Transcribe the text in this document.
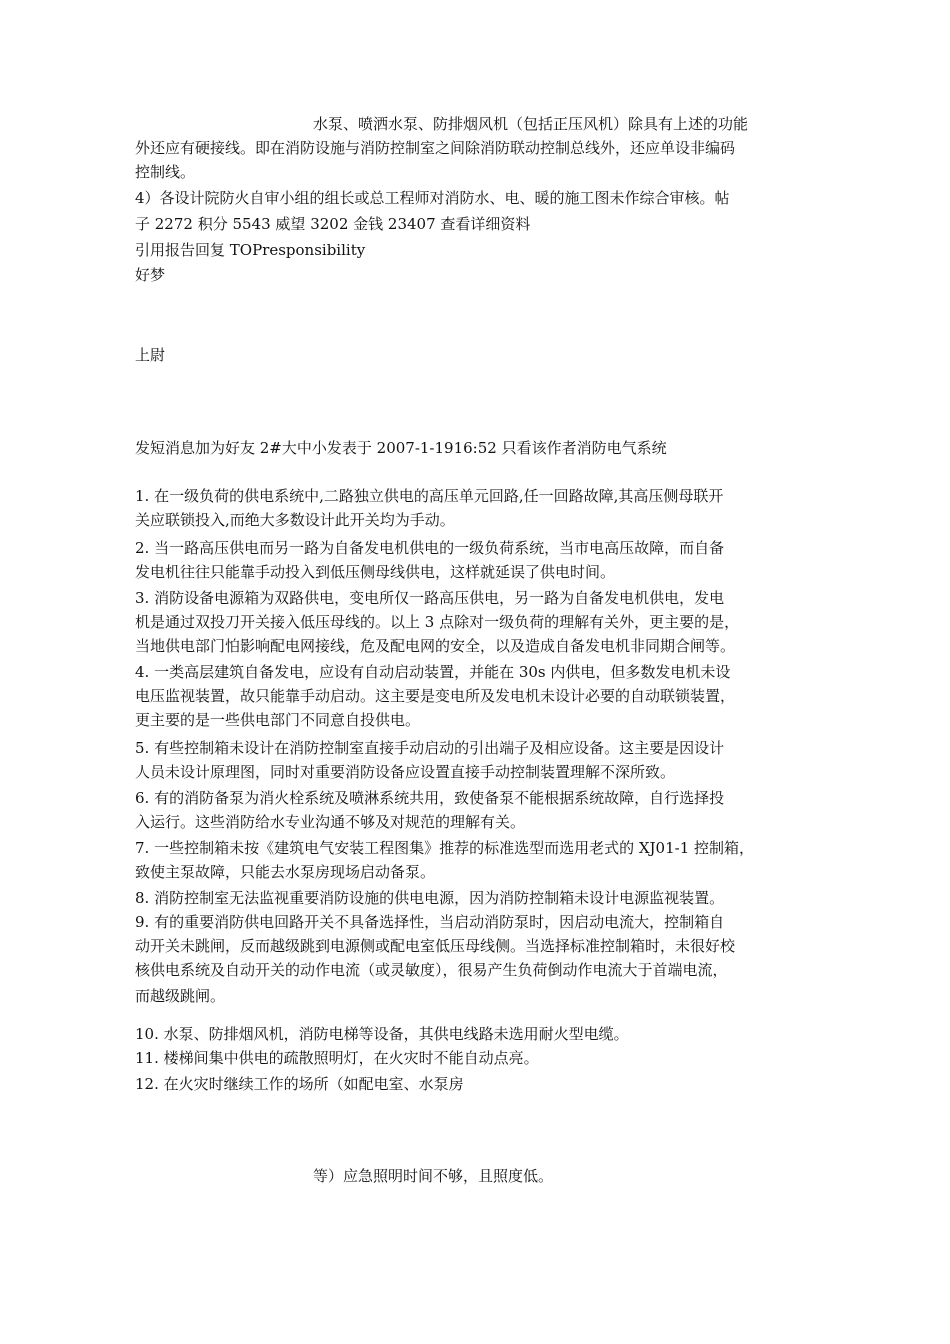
水泵、喷洒水泵、防排烟风机（包括正压风机）除具有上述的功能
外还应有硬接线。即在消防设施与消防控制室之间除消防联动控制总线外，还应单设非编码
控制线。
4）各设计院防火自审小组的组长或总工程师对消防水、电、暖的施工图未作综合审核。帖
子 2272 积分 5543 威望 3202 金钱 23407 查看详细资料
引用报告回复 TOPresponsibility
好梦
上尉
发短消息加为好友 2#大中小发表于 2007-1-1916:52 只看该作者消防电气系统
1. 在一级负荷的供电系统中,二路独立供电的高压单元回路,任一回路故障,其高压侧母联开
关应联锁投入,而绝大多数设计此开关均为手动。
2. 当一路高压供电而另一路为自备发电机供电的一级负荷系统，当市电高压故障，而自备
发电机往往只能靠手动投入到低压侧母线供电，这样就延误了供电时间。
3. 消防设备电源箱为双路供电，变电所仅一路高压供电，另一路为自备发电机供电，发电
机是通过双投刀开关接入低压母线的。以上 3 点除对一级负荷的理解有关外，更主要的是，
当地供电部门怕影响配电网接线，危及配电网的安全，以及造成自备发电机非同期合闸等。
4. 一类高层建筑自备发电，应设有自动启动装置，并能在 30s 内供电，但多数发电机未设
电压监视装置，故只能靠手动启动。这主要是变电所及发电机未设计必要的自动联锁装置，
更主要的是一些供电部门不同意自投供电。
5. 有些控制箱未设计在消防控制室直接手动启动的引出端子及相应设备。这主要是因设计
人员未设计原理图，同时对重要消防设备应设置直接手动控制装置理解不深所致。
6. 有的消防备泵为消火栓系统及喷淋系统共用，致使备泵不能根据系统故障，自行选择投
入运行。这些消防给水专业沟通不够及对规范的理解有关。
7. 一些控制箱未按《建筑电气安装工程图集》推荐的标准选型而选用老式的 XJ01-1 控制箱，
致使主泵故障，只能去水泵房现场启动备泵。
8. 消防控制室无法监视重要消防设施的供电电源，因为消防控制箱未设计电源监视装置。
9. 有的重要消防供电回路开关不具备选择性，当启动消防泵时，因启动电流大，控制箱自
动开关未跳闸，反而越级跳到电源侧或配电室低压母线侧。当选择标准控制箱时，未很好校
核供电系统及自动开关的动作电流（或灵敏度），很易产生负荷倒动作电流大于首端电流，
而越级跳闸。
10. 水泵、防排烟风机，消防电梯等设备，其供电线路未选用耐火型电缆。
11. 楼梯间集中供电的疏散照明灯，在火灾时不能自动点亮。
12. 在火灾时继续工作的场所（如配电室、水泵房
等）应急照明时间不够，且照度低。
